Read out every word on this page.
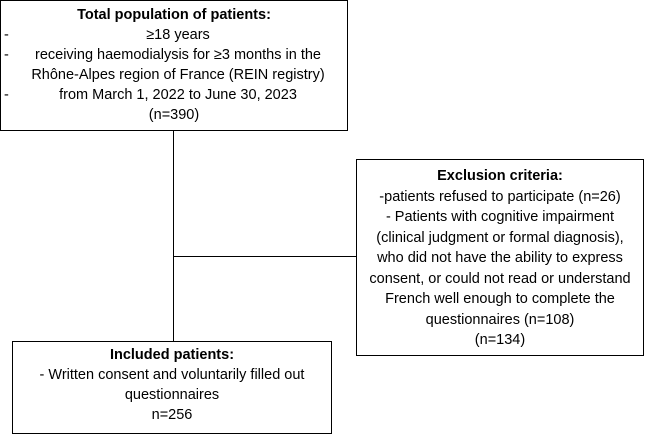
Total population of patients:
-	≥18 years
- receiving haemodialysis for ≥3 months in the Rhône-Alpes region of France (REIN registry)
-	from March 1, 2022 to June 30, 2023
(n=390)
Exclusion criteria:
-patients refused to participate (n=26)
- Patients with cognitive impairment (clinical judgment or formal diagnosis), who did not have the ability to express consent, or could not read or understand French well enough to complete the questionnaires (n=108)
(n=134)
Included patients:
- Written consent and voluntarily filled out questionnaires
n=256
